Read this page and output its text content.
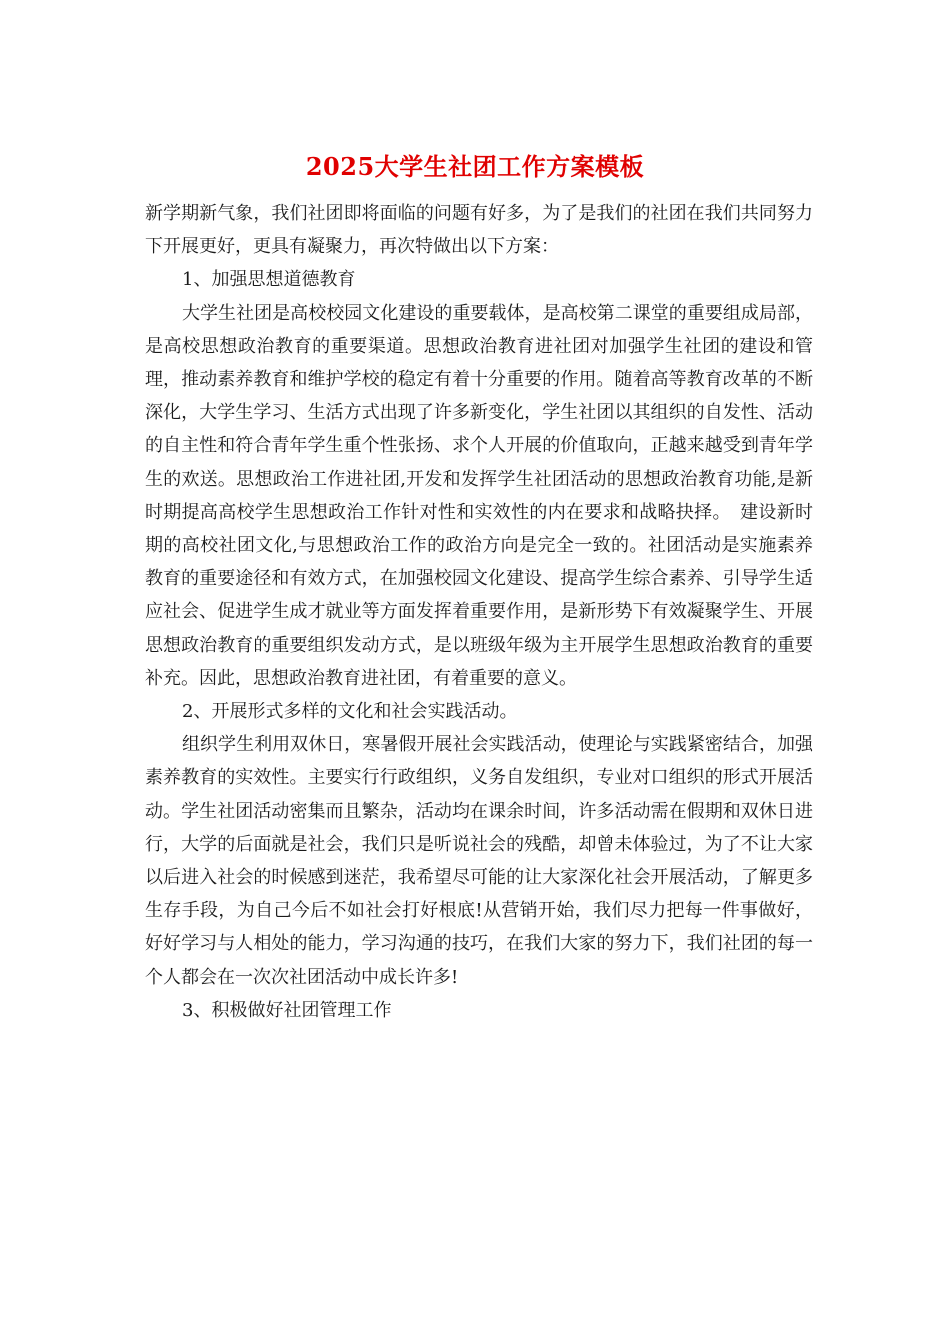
2025大学生社团工作方案模板

新学期新气象，我们社团即将面临的问题有好多，为了是我们的社团在我们共同努力下开展更好，更具有凝聚力，再次特做出以下方案：

1、加强思想道德教育

大学生社团是高校校园文化建设的重要载体，是高校第二课堂的重要组成局部，是高校思想政治教育的重要渠道。思想政治教育进社团对加强学生社团的建设和管理，推动素养教育和维护学校的稳定有着十分重要的作用。随着高等教育改革的不断深化，大学生学习、生活方式出现了许多新变化，学生社团以其组织的自发性、活动的自主性和符合青年学生重个性张扬、求个人开展的价值取向，正越来越受到青年学生的欢送。思想政治工作进社团,开发和发挥学生社团活动的思想政治教育功能,是新时期提高高校学生思想政治工作针对性和实效性的内在要求和战略抉择。　建设新时期的高校社团文化,与思想政治工作的政治方向是完全一致的。社团活动是实施素养教育的重要途径和有效方式，在加强校园文化建设、提高学生综合素养、引导学生适应社会、促进学生成才就业等方面发挥着重要作用，是新形势下有效凝聚学生、开展思想政治教育的重要组织发动方式，是以班级年级为主开展学生思想政治教育的重要补充。因此，思想政治教育进社团，有着重要的意义。

2、开展形式多样的文化和社会实践活动。

组织学生利用双休日，寒暑假开展社会实践活动，使理论与实践紧密结合，加强素养教育的实效性。主要实行行政组织，义务自发组织，专业对口组织的形式开展活动。学生社团活动密集而且繁杂，活动均在课余时间，许多活动需在假期和双休日进行，大学的后面就是社会，我们只是听说社会的残酷，却曾未体验过，为了不让大家以后进入社会的时候感到迷茫，我希望尽可能的让大家深化社会开展活动，了解更多生存手段，为自己今后不如社会打好根底!从营销开始，我们尽力把每一件事做好，好好学习与人相处的能力，学习沟通的技巧，在我们大家的努力下，我们社团的每一个人都会在一次次社团活动中成长许多!

3、积极做好社团管理工作
